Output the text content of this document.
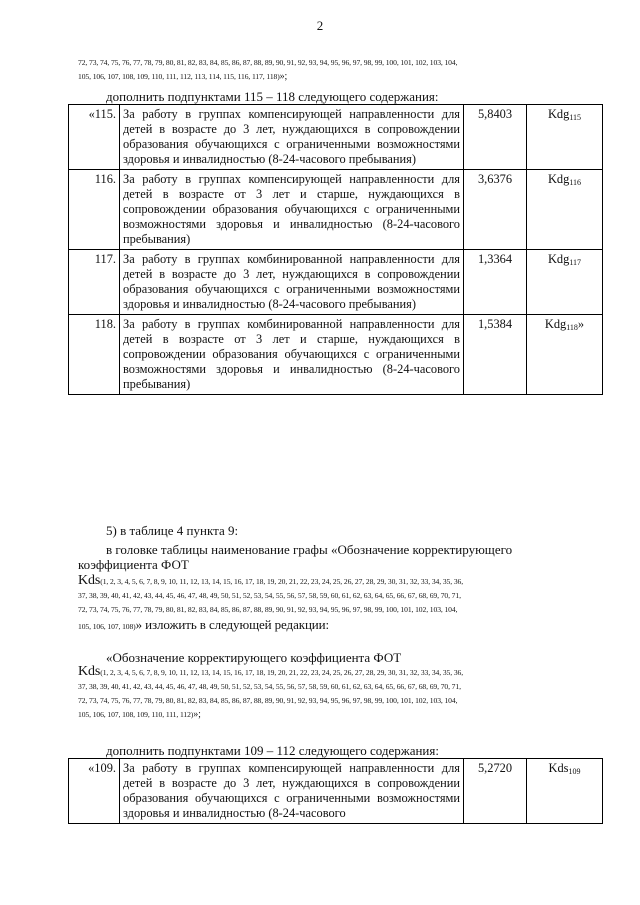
2
72, 73, 74, 75, 76, 77, 78, 79, 80, 81, 82, 83, 84, 85, 86, 87, 88, 89, 90, 91, 92, 93, 94, 95, 96, 97, 98, 99, 100, 101, 102, 103, 104,
105, 106, 107, 108, 109, 110, 111, 112, 113, 114, 115, 116, 117, 118)»;
дополнить подпунктами 115 – 118 следующего содержания:
«115.	За работу в группах компенсирующей направленности для детей в возрасте до 3 лет, нуждающихся в сопровождении образования обучающихся с ограниченными возможностями здоровья и инвалидностью (8-24-часового пребывания)	5,8403	Kdg$_{115}$
116.	За работу в группах компенсирующей направленности для детей в возрасте от 3 лет и старше, нуждающихся в сопровождении образования обучающихся с ограниченными возможностями здоровья и инвалидностью (8-24-часового пребывания)	3,6376	Kdg$_{116}$
117.	За работу в группах комбинированной направленности для детей в возрасте до 3 лет, нуждающихся в сопровождении образования обучающихся с ограниченными возможностями здоровья и инвалидностью (8-24-часового пребывания)	1,3364	Kdg$_{117}$
118.	За работу в группах комбинированной направленности для детей в возрасте от 3 лет и старше, нуждающихся в сопровождении образования обучающихся с ограниченными возможностями здоровья и инвалидностью (8-24-часового пребывания)	1,5384	Kdg$_{118}$»
5) в таблице 4 пункта 9:
в головке таблицы наименование графы «Обозначение корректирующего
коэффициента ФОТ
Kds(1, 2, 3, 4, 5, 6, 7, 8, 9, 10, 11, 12, 13, 14, 15, 16, 17, 18, 19, 20, 21, 22, 23, 24, 25, 26, 27, 28, 29, 30, 31, 32, 33, 34, 35, 36,
37, 38, 39, 40, 41, 42, 43, 44, 45, 46, 47, 48, 49, 50, 51, 52, 53, 54, 55, 56, 57, 58, 59, 60, 61, 62, 63, 64, 65, 66, 67, 68, 69, 70, 71,
72, 73, 74, 75, 76, 77, 78, 79, 80, 81, 82, 83, 84, 85, 86, 87, 88, 89, 90, 91, 92, 93, 94, 95, 96, 97, 98, 99, 100, 101, 102, 103, 104,
105, 106, 107, 108)» изложить в следующей редакции:
«Обозначение корректирующего коэффициента ФОТ
Kds(1, 2, 3, 4, 5, 6, 7, 8, 9, 10, 11, 12, 13, 14, 15, 16, 17, 18, 19, 20, 21, 22, 23, 24, 25, 26, 27, 28, 29, 30, 31, 32, 33, 34, 35, 36,
37, 38, 39, 40, 41, 42, 43, 44, 45, 46, 47, 48, 49, 50, 51, 52, 53, 54, 55, 56, 57, 58, 59, 60, 61, 62, 63, 64, 65, 66, 67, 68, 69, 70, 71,
72, 73, 74, 75, 76, 77, 78, 79, 80, 81, 82, 83, 84, 85, 86, 87, 88, 89, 90, 91, 92, 93, 94, 95, 96, 97, 98, 99, 100, 101, 102, 103, 104,
105, 106, 107, 108, 109, 110, 111, 112)»;
дополнить подпунктами 109 – 112 следующего содержания:
«109.	За работу в группах компенсирующей направленности для детей в возрасте до 3 лет, нуждающихся в сопровождении образования обучающихся с ограниченными возможностями здоровья и инвалидностью (8-24-часового	5,2720	Kds$_{109}$
